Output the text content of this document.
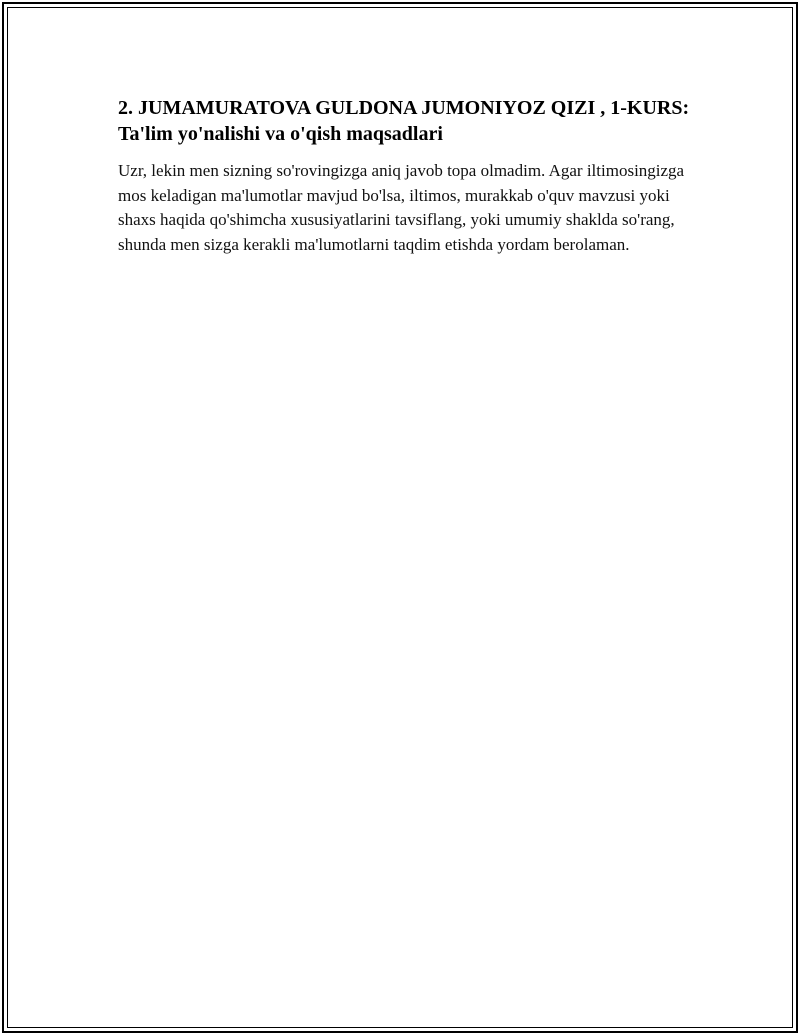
2. JUMAMURATOVA GULDONA JUMONIYOZ QIZI , 1-KURS: Ta'lim yo'nalishi va o'qish maqsadlari

Uzr, lekin men sizning so'rovingizga aniq javob topa olmadim. Agar iltimosingizga mos keladigan ma'lumotlar mavjud bo'lsa, iltimos, murakkab o'quv mavzusi yoki shaxs haqida qo'shimcha xususiyatlarini tavsiflang, yoki umumiy shaklda so'rang, shunda men sizga kerakli ma'lumotlarni taqdim etishda yordam berolaman.
